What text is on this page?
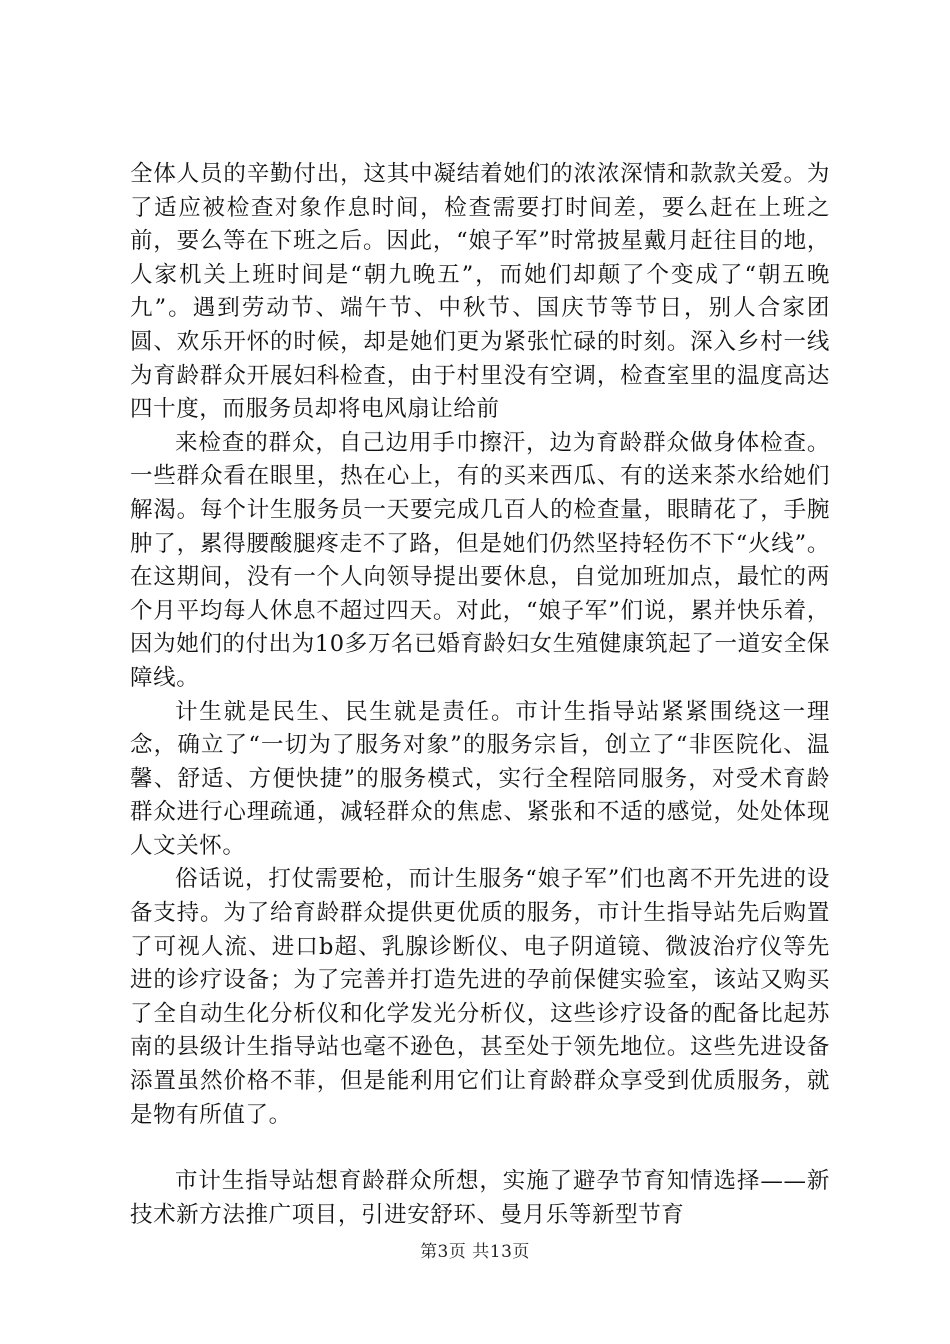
全体人员的辛勤付出，这其中凝结着她们的浓浓深情和款款关爱。为了适应被检查对象作息时间，检查需要打时间差，要么赶在上班之前，要么等在下班之后。因此，“娘子军”时常披星戴月赶往目的地，人家机关上班时间是“朝九晚五”，而她们却颠了个变成了“朝五晚九”。遇到劳动节、端午节、中秋节、国庆节等节日，别人合家团圆、欢乐开怀的时候，却是她们更为紧张忙碌的时刻。深入乡村一线为育龄群众开展妇科检查，由于村里没有空调，检查室里的温度高达四十度，而服务员却将电风扇让给前

来检查的群众，自己边用手巾擦汗，边为育龄群众做身体检查。一些群众看在眼里，热在心上，有的买来西瓜、有的送来茶水给她们解渴。每个计生服务员一天要完成几百人的检查量，眼睛花了，手腕肿了，累得腰酸腿疼走不了路，但是她们仍然坚持轻伤不下“火线”。在这期间，没有一个人向领导提出要休息，自觉加班加点，最忙的两个月平均每人休息不超过四天。对此，“娘子军”们说，累并快乐着，因为她们的付出为10多万名已婚育龄妇女生殖健康筑起了一道安全保障线。

计生就是民生、民生就是责任。市计生指导站紧紧围绕这一理念，确立了“一切为了服务对象”的服务宗旨，创立了“非医院化、温馨、舒适、方便快捷”的服务模式，实行全程陪同服务，对受术育龄群众进行心理疏通，减轻群众的焦虑、紧张和不适的感觉，处处体现人文关怀。

俗话说，打仗需要枪，而计生服务“娘子军”们也离不开先进的设备支持。为了给育龄群众提供更优质的服务，市计生指导站先后购置了可视人流、进口b超、乳腺诊断仪、电子阴道镜、微波治疗仪等先进的诊疗设备；为了完善并打造先进的孕前保健实验室，该站又购买了全自动生化分析仪和化学发光分析仪，这些诊疗设备的配备比起苏南的县级计生指导站也毫不逊色，甚至处于领先地位。这些先进设备添置虽然价格不菲，但是能利用它们让育龄群众享受到优质服务，就是物有所值了。

市计生指导站想育龄群众所想，实施了避孕节育知情选择——新技术新方法推广项目，引进安舒环、曼月乐等新型节育

第3页 共13页
